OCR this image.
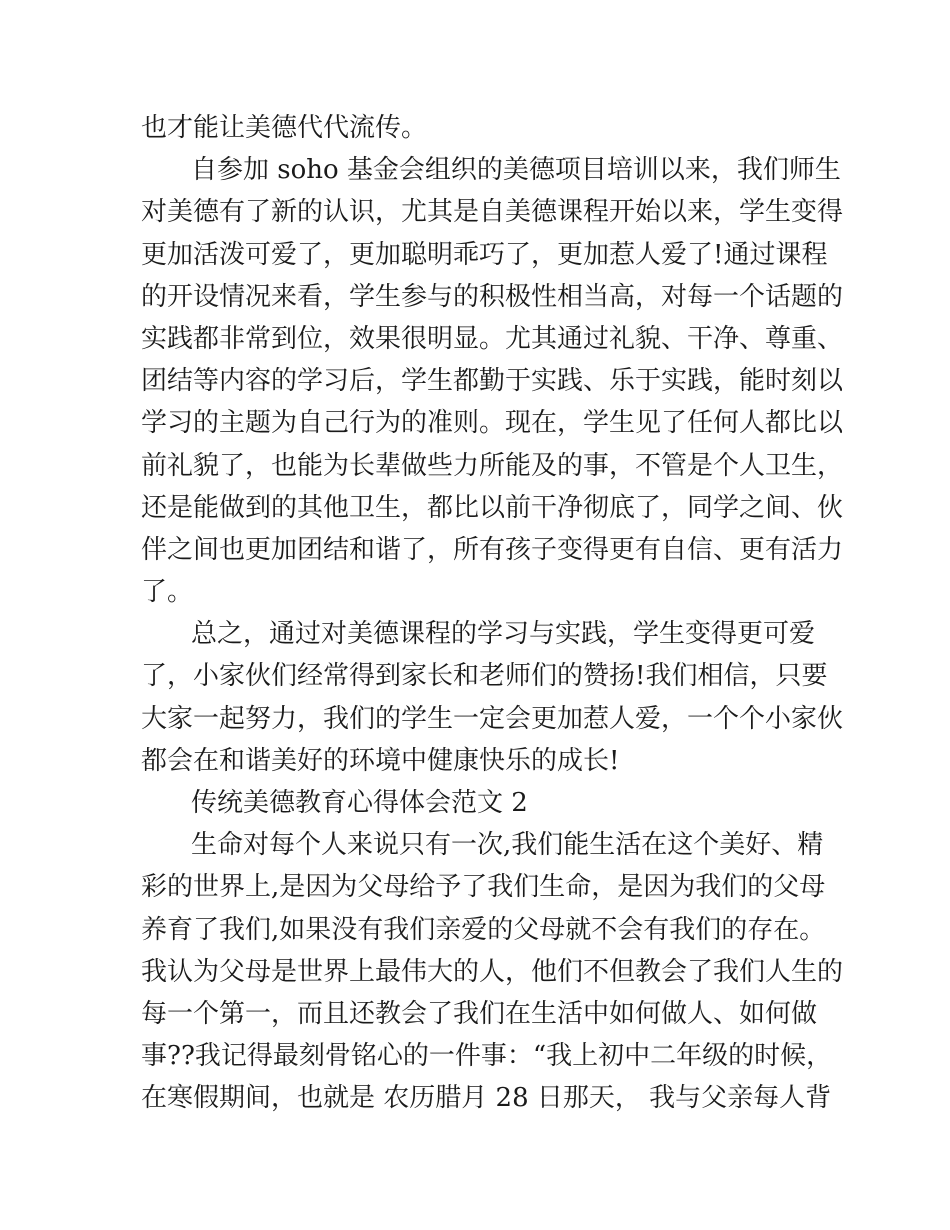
也才能让美德代代流传。
自参加 soho 基金会组织的美德项目培训以来，我们师生
对美德有了新的认识，尤其是自美德课程开始以来，学生变得
更加活泼可爱了，更加聪明乖巧了，更加惹人爱了!通过课程
的开设情况来看，学生参与的积极性相当高，对每一个话题的
实践都非常到位，效果很明显。尤其通过礼貌、干净、尊重、
团结等内容的学习后，学生都勤于实践、乐于实践，能时刻以
学习的主题为自己行为的准则。现在，学生见了任何人都比以
前礼貌了，也能为长辈做些力所能及的事，不管是个人卫生，
还是能做到的其他卫生，都比以前干净彻底了，同学之间、伙
伴之间也更加团结和谐了，所有孩子变得更有自信、更有活力
了。
总之，通过对美德课程的学习与实践，学生变得更可爱
了，小家伙们经常得到家长和老师们的赞扬!我们相信，只要
大家一起努力，我们的学生一定会更加惹人爱，一个个小家伙
都会在和谐美好的环境中健康快乐的成长!
传统美德教育心得体会范文 2
生命对每个人来说只有一次,我们能生活在这个美好、精
彩的世界上,是因为父母给予了我们生命，是因为我们的父母
养育了我们,如果没有我们亲爱的父母就不会有我们的存在。
我认为父母是世界上最伟大的人，他们不但教会了我们人生的
每一个第一，而且还教会了我们在生活中如何做人、如何做
事??我记得最刻骨铭心的一件事：“我上初中二年级的时候，
在寒假期间，也就是 农历腊月 28 日那天， 我与父亲每人背
